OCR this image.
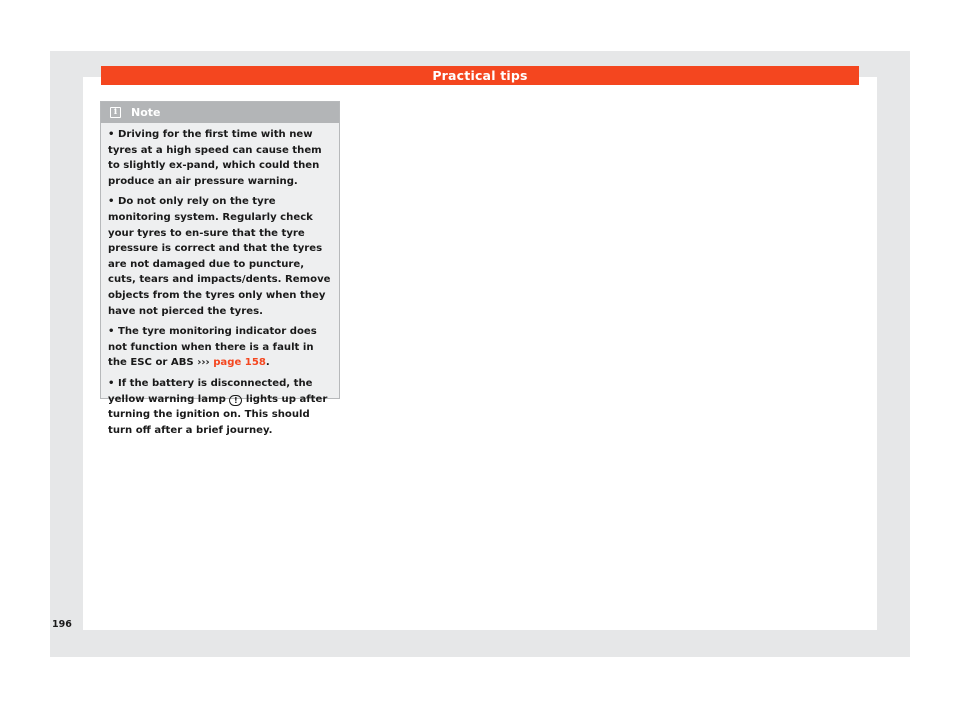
Practical tips
i	Note

• Driving for the first time with new tyres at a high speed can cause them to slightly ex-pand, which could then produce an air pressure warning.

• Do not only rely on the tyre monitoring system. Regularly check your tyres to en-sure that the tyre pressure is correct and that the tyres are not damaged due to puncture, cuts, tears and impacts/dents. Remove objects from the tyres only when they have not pierced the tyres.

• The tyre monitoring indicator does not function when there is a fault in the ESC or ABS ››› page 158.

• If the battery is disconnected, the yellow warning lamp ! lights up after turning the ignition on. This should turn off after a brief journey.

196
